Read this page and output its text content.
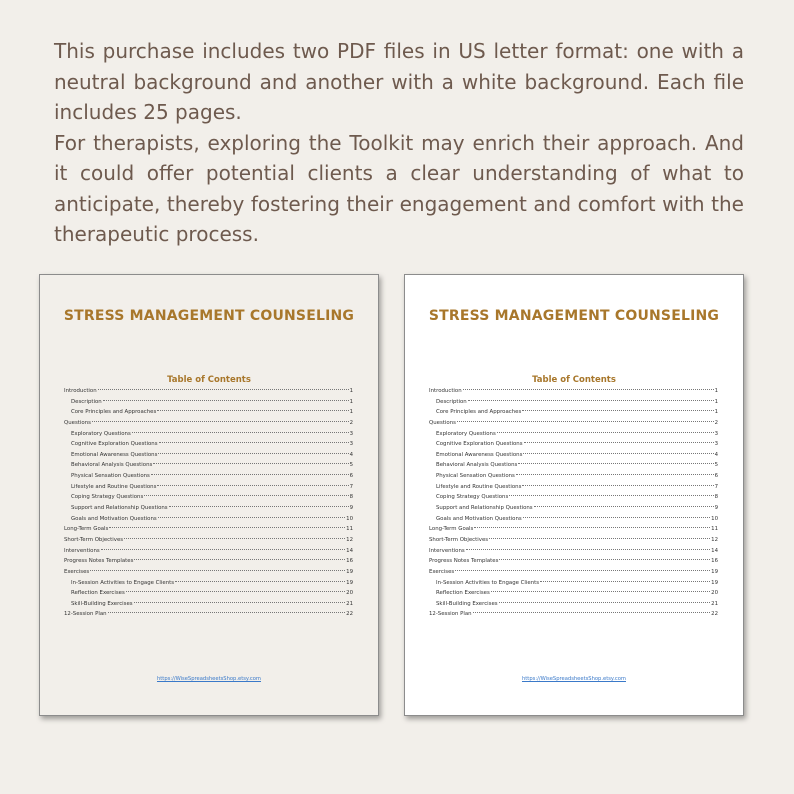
This purchase includes two PDF files in US letter format: one with a neutral background and another with a white background. Each file includes 25 pages.

For therapists, exploring the Toolkit may enrich their approach. And it could offer potential clients a clear understanding of what to anticipate, thereby fostering their engagement and comfort with the therapeutic process.

STRESS MANAGEMENT COUNSELING
Table of Contents
Introduction	1
Description	1
Core Principles and Approaches	1
Questions	2
Exploratory Questions	3
Cognitive Exploration Questions	3
Emotional Awareness Questions	4
Behavioral Analysis Questions	5
Physical Sensation Questions	6
Lifestyle and Routine Questions	7
Coping Strategy Questions	8
Support and Relationship Questions	9
Goals and Motivation Questions	10
Long-Term Goals	11
Short-Term Objectives	12
Interventions	14
Progress Notes Templates	16
Exercises	19
In-Session Activities to Engage Clients	19
Reflection Exercises	20
Skill-Building Exercises	21
12-Session Plan	22
https://WiseSpreadsheetsShop.etsy.com
STRESS MANAGEMENT COUNSELING
Table of Contents
Introduction	1
Description	1
Core Principles and Approaches	1
Questions	2
Exploratory Questions	3
Cognitive Exploration Questions	3
Emotional Awareness Questions	4
Behavioral Analysis Questions	5
Physical Sensation Questions	6
Lifestyle and Routine Questions	7
Coping Strategy Questions	8
Support and Relationship Questions	9
Goals and Motivation Questions	10
Long-Term Goals	11
Short-Term Objectives	12
Interventions	14
Progress Notes Templates	16
Exercises	19
In-Session Activities to Engage Clients	19
Reflection Exercises	20
Skill-Building Exercises	21
12-Session Plan	22
https://WiseSpreadsheetsShop.etsy.com
